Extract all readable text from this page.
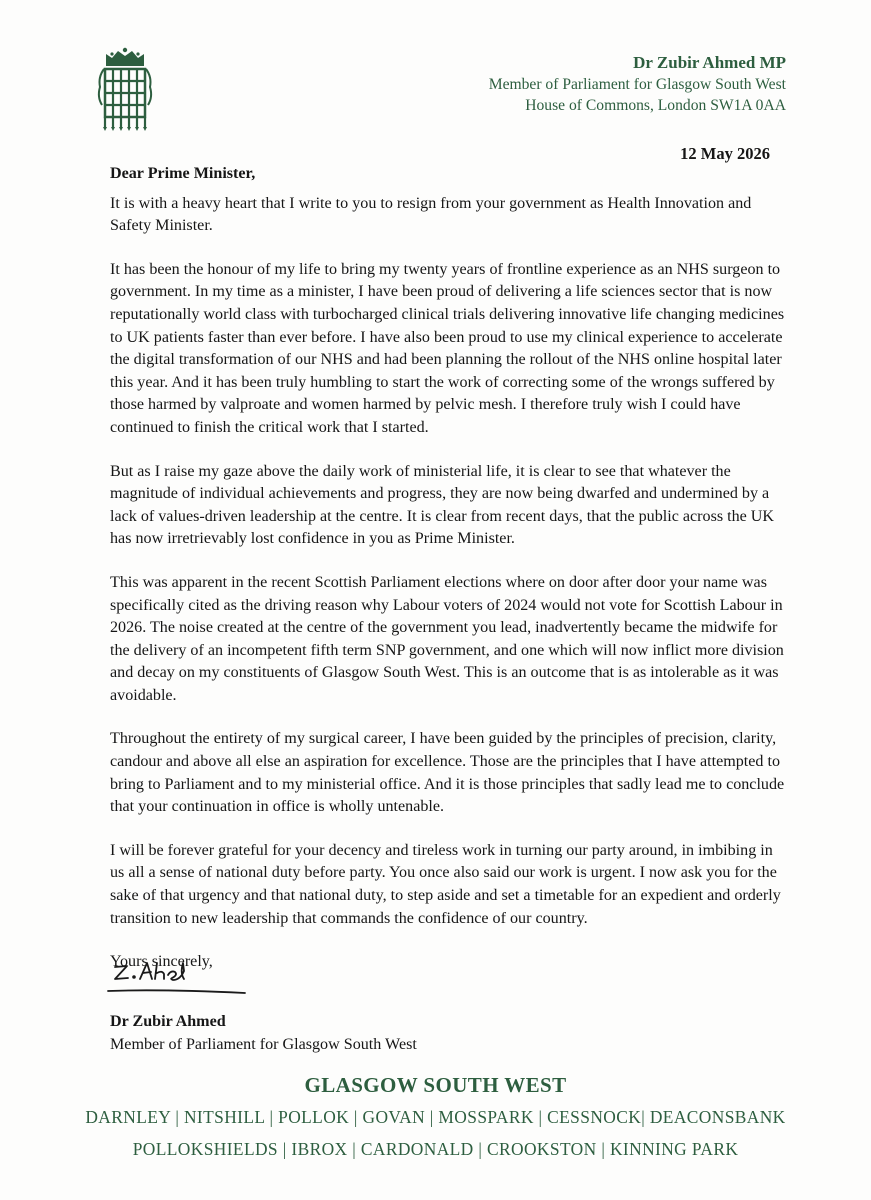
Dr Zubir Ahmed MP
Member of Parliament for Glasgow South West
House of Commons, London SW1A 0AA
12 May 2026

Dear Prime Minister,

It is with a heavy heart that I write to you to resign from your government as Health Innovation and Safety Minister.

It has been the honour of my life to bring my twenty years of frontline experience as an NHS surgeon to government. In my time as a minister, I have been proud of delivering a life sciences sector that is now reputationally world class with turbocharged clinical trials delivering innovative life changing medicines to UK patients faster than ever before. I have also been proud to use my clinical experience to accelerate the digital transformation of our NHS and had been planning the rollout of the NHS online hospital later this year. And it has been truly humbling to start the work of correcting some of the wrongs suffered by those harmed by valproate and women harmed by pelvic mesh. I therefore truly wish I could have continued to finish the critical work that I started.

But as I raise my gaze above the daily work of ministerial life, it is clear to see that whatever the magnitude of individual achievements and progress, they are now being dwarfed and undermined by a lack of values-driven leadership at the centre. It is clear from recent days, that the public across the UK has now irretrievably lost confidence in you as Prime Minister.

This was apparent in the recent Scottish Parliament elections where on door after door your name was specifically cited as the driving reason why Labour voters of 2024 would not vote for Scottish Labour in 2026. The noise created at the centre of the government you lead, inadvertently became the midwife for the delivery of an incompetent fifth term SNP government, and one which will now inflict more division and decay on my constituents of Glasgow South West. This is an outcome that is as intolerable as it was avoidable.

Throughout the entirety of my surgical career, I have been guided by the principles of precision, clarity, candour and above all else an aspiration for excellence. Those are the principles that I have attempted to bring to Parliament and to my ministerial office. And it is those principles that sadly lead me to conclude that your continuation in office is wholly untenable.

I will be forever grateful for your decency and tireless work in turning our party around, in imbibing in us all a sense of national duty before party. You once also said our work is urgent. I now ask you for the sake of that urgency and that national duty, to step aside and set a timetable for an expedient and orderly transition to new leadership that commands the confidence of our country.

Yours sincerely,

Dr Zubir Ahmed
Member of Parliament for Glasgow South West
GLASGOW SOUTH WEST
DARNLEY | NITSHILL | POLLOK | GOVAN | MOSSPARK | CESSNOCK| DEACONSBANK
POLLOKSHIELDS | IBROX | CARDONALD | CROOKSTON | KINNING PARK
